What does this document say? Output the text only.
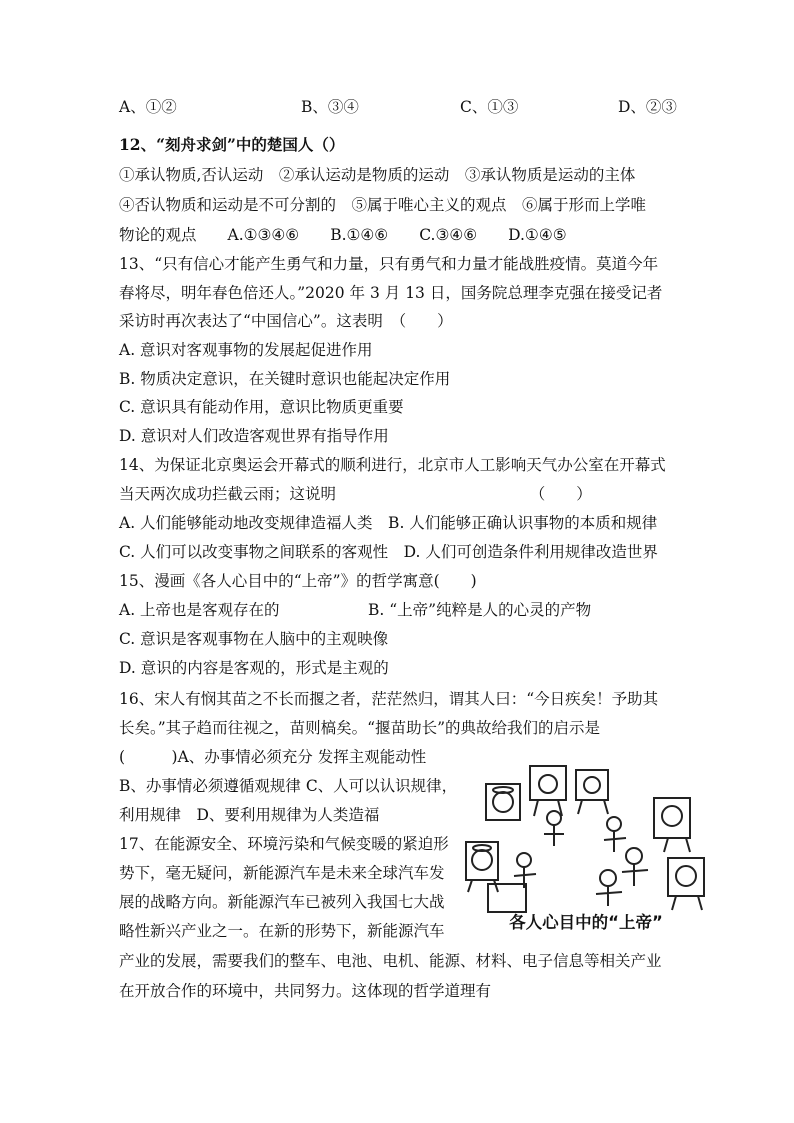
A、①②	B、③④	C、①③	D、②③
12、“刻舟求剑”中的楚国人（）
①承认物质,否认运动　②承认运动是物质的运动　③承认物质是运动的主体
④否认物质和运动是不可分割的　⑤属于唯心主义的观点　⑥属于形而上学唯
物论的观点　　A.①③④⑥　　B.①④⑥　　C.③④⑥　　D.①④⑤
13、“只有信心才能产生勇气和力量，只有勇气和力量才能战胜疫情。莫道今年
春将尽，明年春色倍还人。”2020 年 3 月 13 日，国务院总理李克强在接受记者
采访时再次表达了“中国信心”。这表明　（　　）
A. 意识对客观事物的发展起促进作用
B. 物质决定意识，在关键时意识也能起决定作用
C. 意识具有能动作用，意识比物质更重要
D. 意识对人们改造客观世界有指导作用
14、为保证北京奥运会开幕式的顺利进行，北京市人工影响天气办公室在开幕式
当天两次成功拦截云雨；这说明　　　　　　　　　　　　　（　　）
A. 人们能够能动地改变规律造福人类　B. 人们能够正确认识事物的本质和规律
C. 人们可以改变事物之间联系的客观性　D. 人们可创造条件利用规律改造世界
15、漫画《各人心目中的“上帝”》的哲学寓意(　　)
A. 上帝也是客观存在的	B. “上帝”纯粹是人的心灵的产物
C. 意识是客观事物在人脑中的主观映像
D. 意识的内容是客观的，形式是主观的
16、宋人有悯其苗之不长而揠之者，茫茫然归，谓其人曰：“今日疾矣！予助其
长矣。”其子趋而往视之，苗则槁矣。“揠苗助长”的典故给我们的启示是
(　　　)A、办事情必须充分 发挥主观能动性
B、办事情必须遵循观规律 C、人可以认识规律，
利用规律　D、要利用规律为人类造福
17、在能源安全、环境污染和气候变暖的紧迫形
势下，毫无疑问，新能源汽车是未来全球汽车发
展的战略方向。新能源汽车已被列入我国七大战
略性新兴产业之一。在新的形势下，新能源汽车
产业的发展，需要我们的整车、电池、电机、能源、材料、电子信息等相关产业
在开放合作的环境中，共同努力。这体现的哲学道理有
各人心目中的“上帝”
